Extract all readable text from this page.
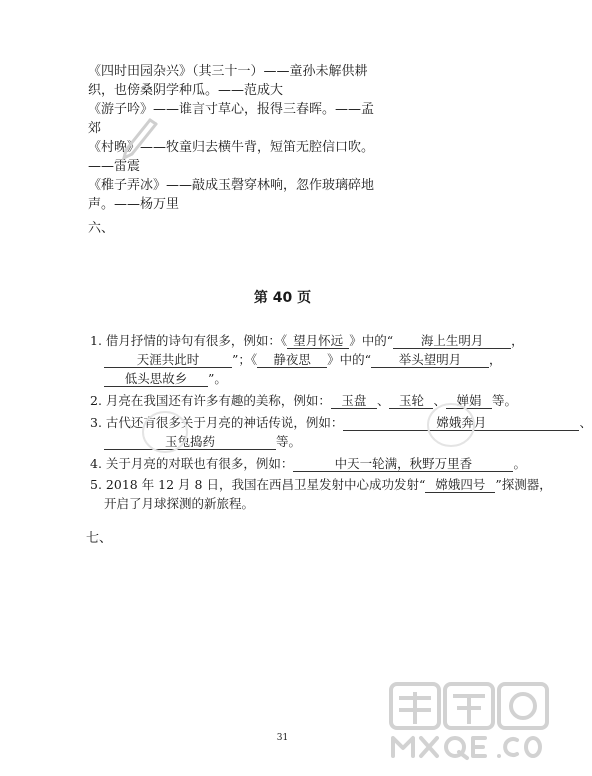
《四时田园杂兴》（其三十一）——童孙未解供耕
织，也傍桑阴学种瓜。——范成大
《游子吟》——谁言寸草心，报得三春晖。——孟
郊
《村晚》——牧童归去横牛背，短笛无腔信口吹。
——雷震
《稚子弄冰》——敲成玉磬穿林响，忽作玻璃碎地
声。——杨万里
六、
第 40 页
1. 借月抒情的诗句有很多，例如：《 望月怀远 》中的“ 海上生明月 ，
天涯共此时	”；《 静夜思 》中的“ 举头望明月 ，
低头思故乡 ”。
2. 月亮在我国还有许多有趣的美称，例如： 玉盘 、 玉轮 、 婵娟 等。
3. 古代还有很多关于月亮的神话传说，例如：	嫦娥奔月	、
玉兔捣药	等。
4. 关于月亮的对联也有很多，例如：	中天一轮满，秋野万里香	。
5. 2018 年 12 月 8 日，我国在西昌卫星发射中心成功发射“ 嫦娥四号 ”探测器，
开启了月球探测的新旅程。
七、
31
